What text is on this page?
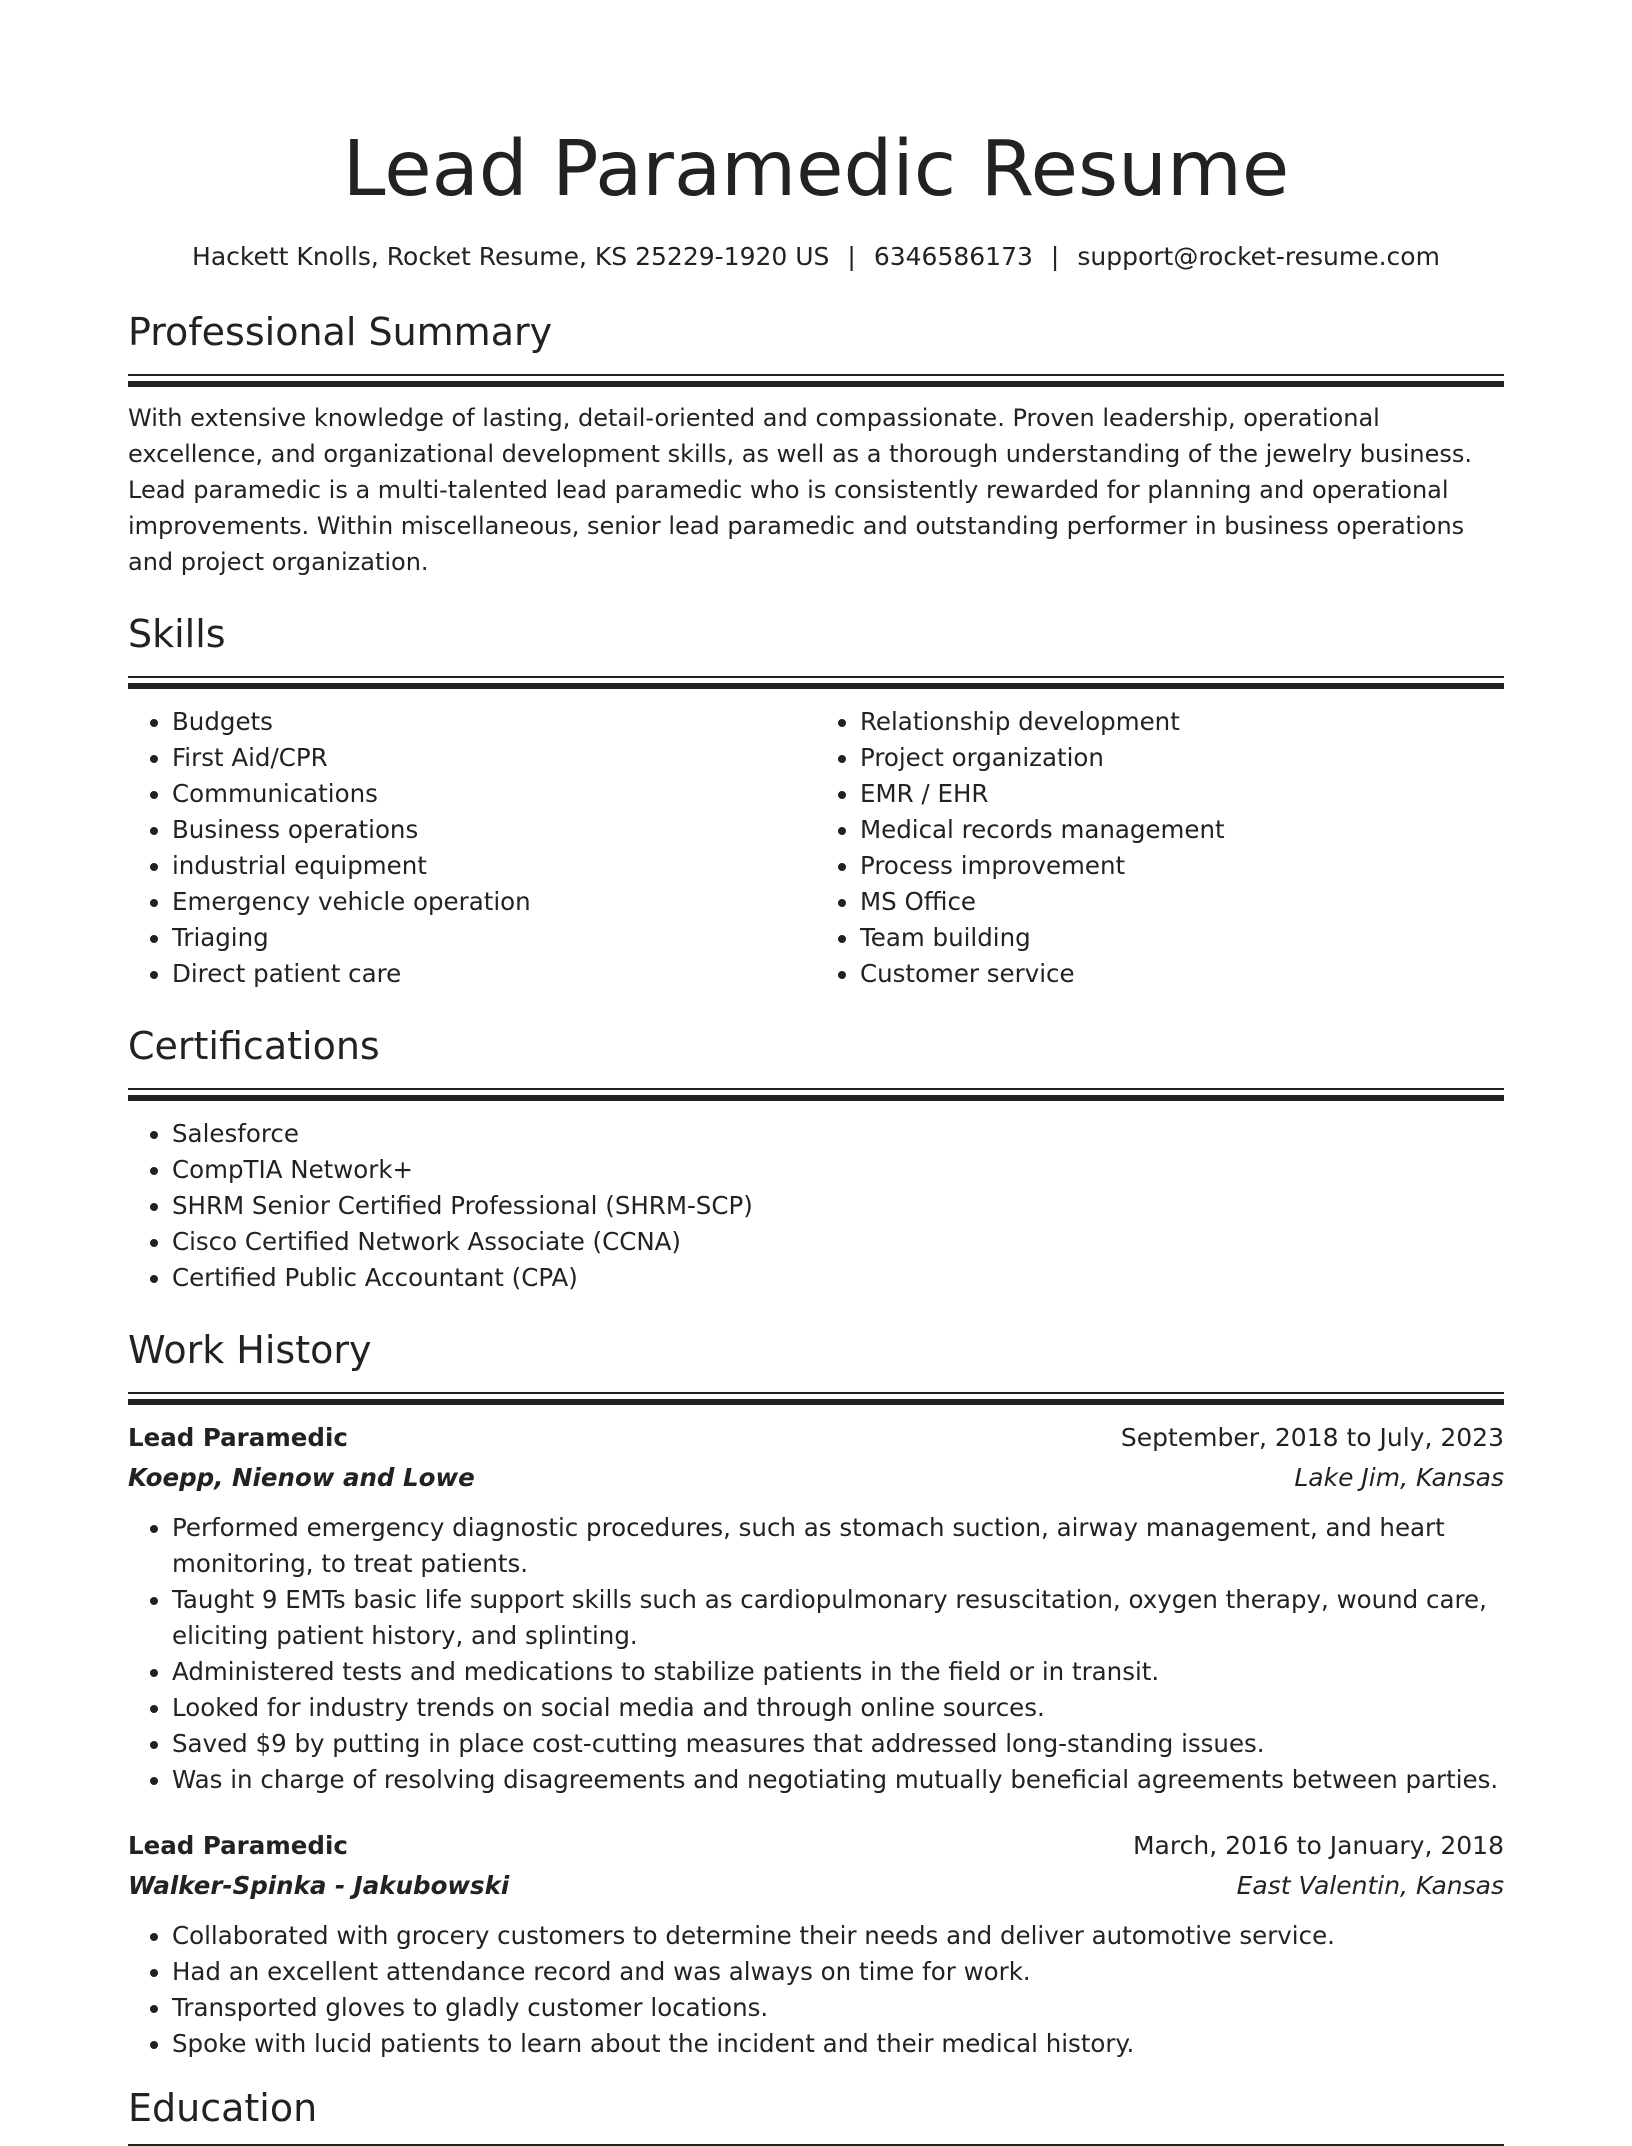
Lead Paramedic Resume
Hackett Knolls, Rocket Resume, KS 25229-1920 US | 6346586173 | support@rocket-resume.com
Professional Summary
With extensive knowledge of lasting, detail-oriented and compassionate. Proven leadership, operational excellence, and organizational development skills, as well as a thorough understanding of the jewelry business. Lead paramedic is a multi-talented lead paramedic who is consistently rewarded for planning and operational improvements. Within miscellaneous, senior lead paramedic and outstanding performer in business operations and project organization.
Skills
• Budgets
• First Aid/CPR
• Communications
• Business operations
• industrial equipment
• Emergency vehicle operation
• Triaging
• Direct patient care
• Relationship development
• Project organization
• EMR / EHR
• Medical records management
• Process improvement
• MS Office
• Team building
• Customer service
Certifications
• Salesforce
• CompTIA Network+
• SHRM Senior Certified Professional (SHRM-SCP)
• Cisco Certified Network Associate (CCNA)
• Certified Public Accountant (CPA)
Work History
Lead Paramedic	September, 2018 to July, 2023
Koepp, Nienow and Lowe	Lake Jim, Kansas
• Performed emergency diagnostic procedures, such as stomach suction, airway management, and heart monitoring, to treat patients.
• Taught 9 EMTs basic life support skills such as cardiopulmonary resuscitation, oxygen therapy, wound care, eliciting patient history, and splinting.
• Administered tests and medications to stabilize patients in the field or in transit.
• Looked for industry trends on social media and through online sources.
• Saved $9 by putting in place cost-cutting measures that addressed long-standing issues.
• Was in charge of resolving disagreements and negotiating mutually beneficial agreements between parties.
Lead Paramedic	March, 2016 to January, 2018
Walker-Spinka - Jakubowski	East Valentin, Kansas
• Collaborated with grocery customers to determine their needs and deliver automotive service.
• Had an excellent attendance record and was always on time for work.
• Transported gloves to gladly customer locations.
• Spoke with lucid patients to learn about the incident and their medical history.
Education
